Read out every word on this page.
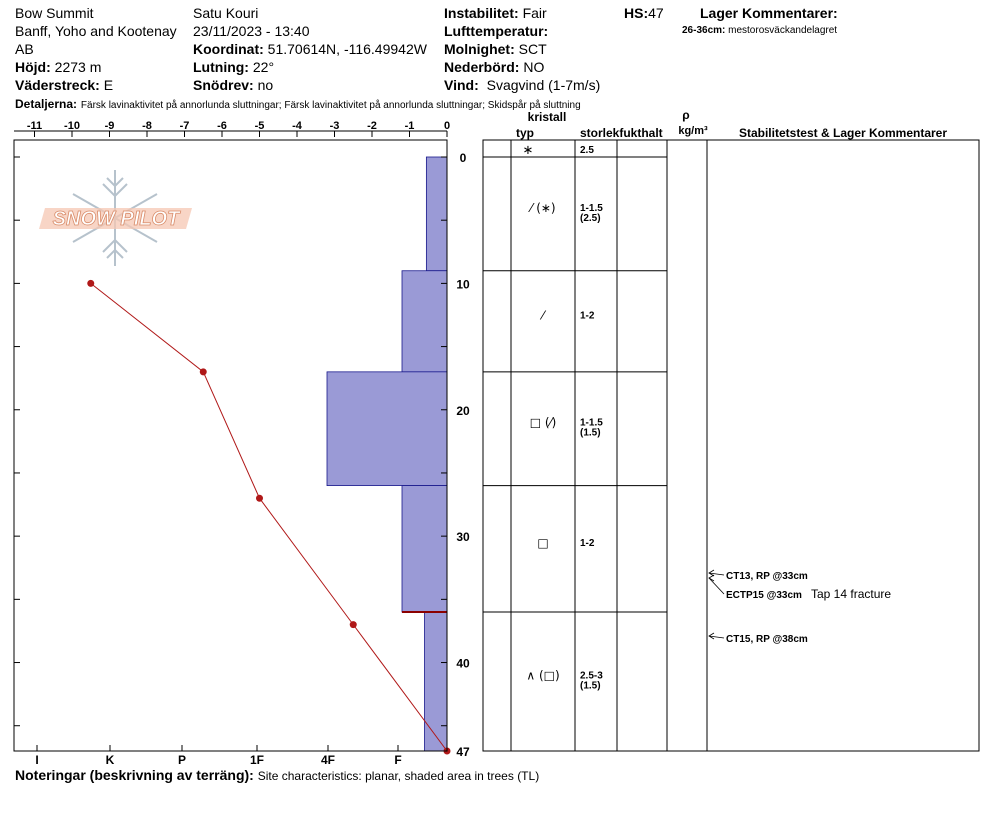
Bow Summit
Banff, Yoho and Kootenay
AB
Höjd: 2273 m
Väderstreck: E
Satu Kouri
23/11/2023 - 13:40
Koordinat: 51.70614N, -116.49942W
Lutning: 22°
Snödrev: no
Instabilitet: Fair
Lufttemperatur:
Molnighet: SCT
Nederbörd: NO
Vind: Svagvind (1-7m/s)
HS:47	Lager Kommentarer:
26-36cm: mestorosväckandelagret
Detaljerna: Färsk lavinaktivitet på annorlunda sluttningar; Färsk lavinaktivitet på annorlunda sluttningar; Skidspår på sluttning
SNOW PILOT
-11 -10 -9	-8	-7	-6	-5	-4	-3	-2	-1	0
I	K	P	1F	4F	F
0
10
20
30
40
47
∗	2.5
⁄ (∗) 1-1.5
(2.5)
⁄	1-2
□ (⁄) 1-1.5
(1.5)
□	1-2
∧ (□) 2.5-3
(1.5)
kristall
typ	storlek fukthalt
ρ
kg/m³	Stabilitetstest & Lager Kommentarer
CT13, RP @33cm
ECTP15 @33cm Tap 14 fracture
CT15, RP @38cm
Noteringar (beskrivning av terräng): Site characteristics: planar, shaded area in trees (TL)
